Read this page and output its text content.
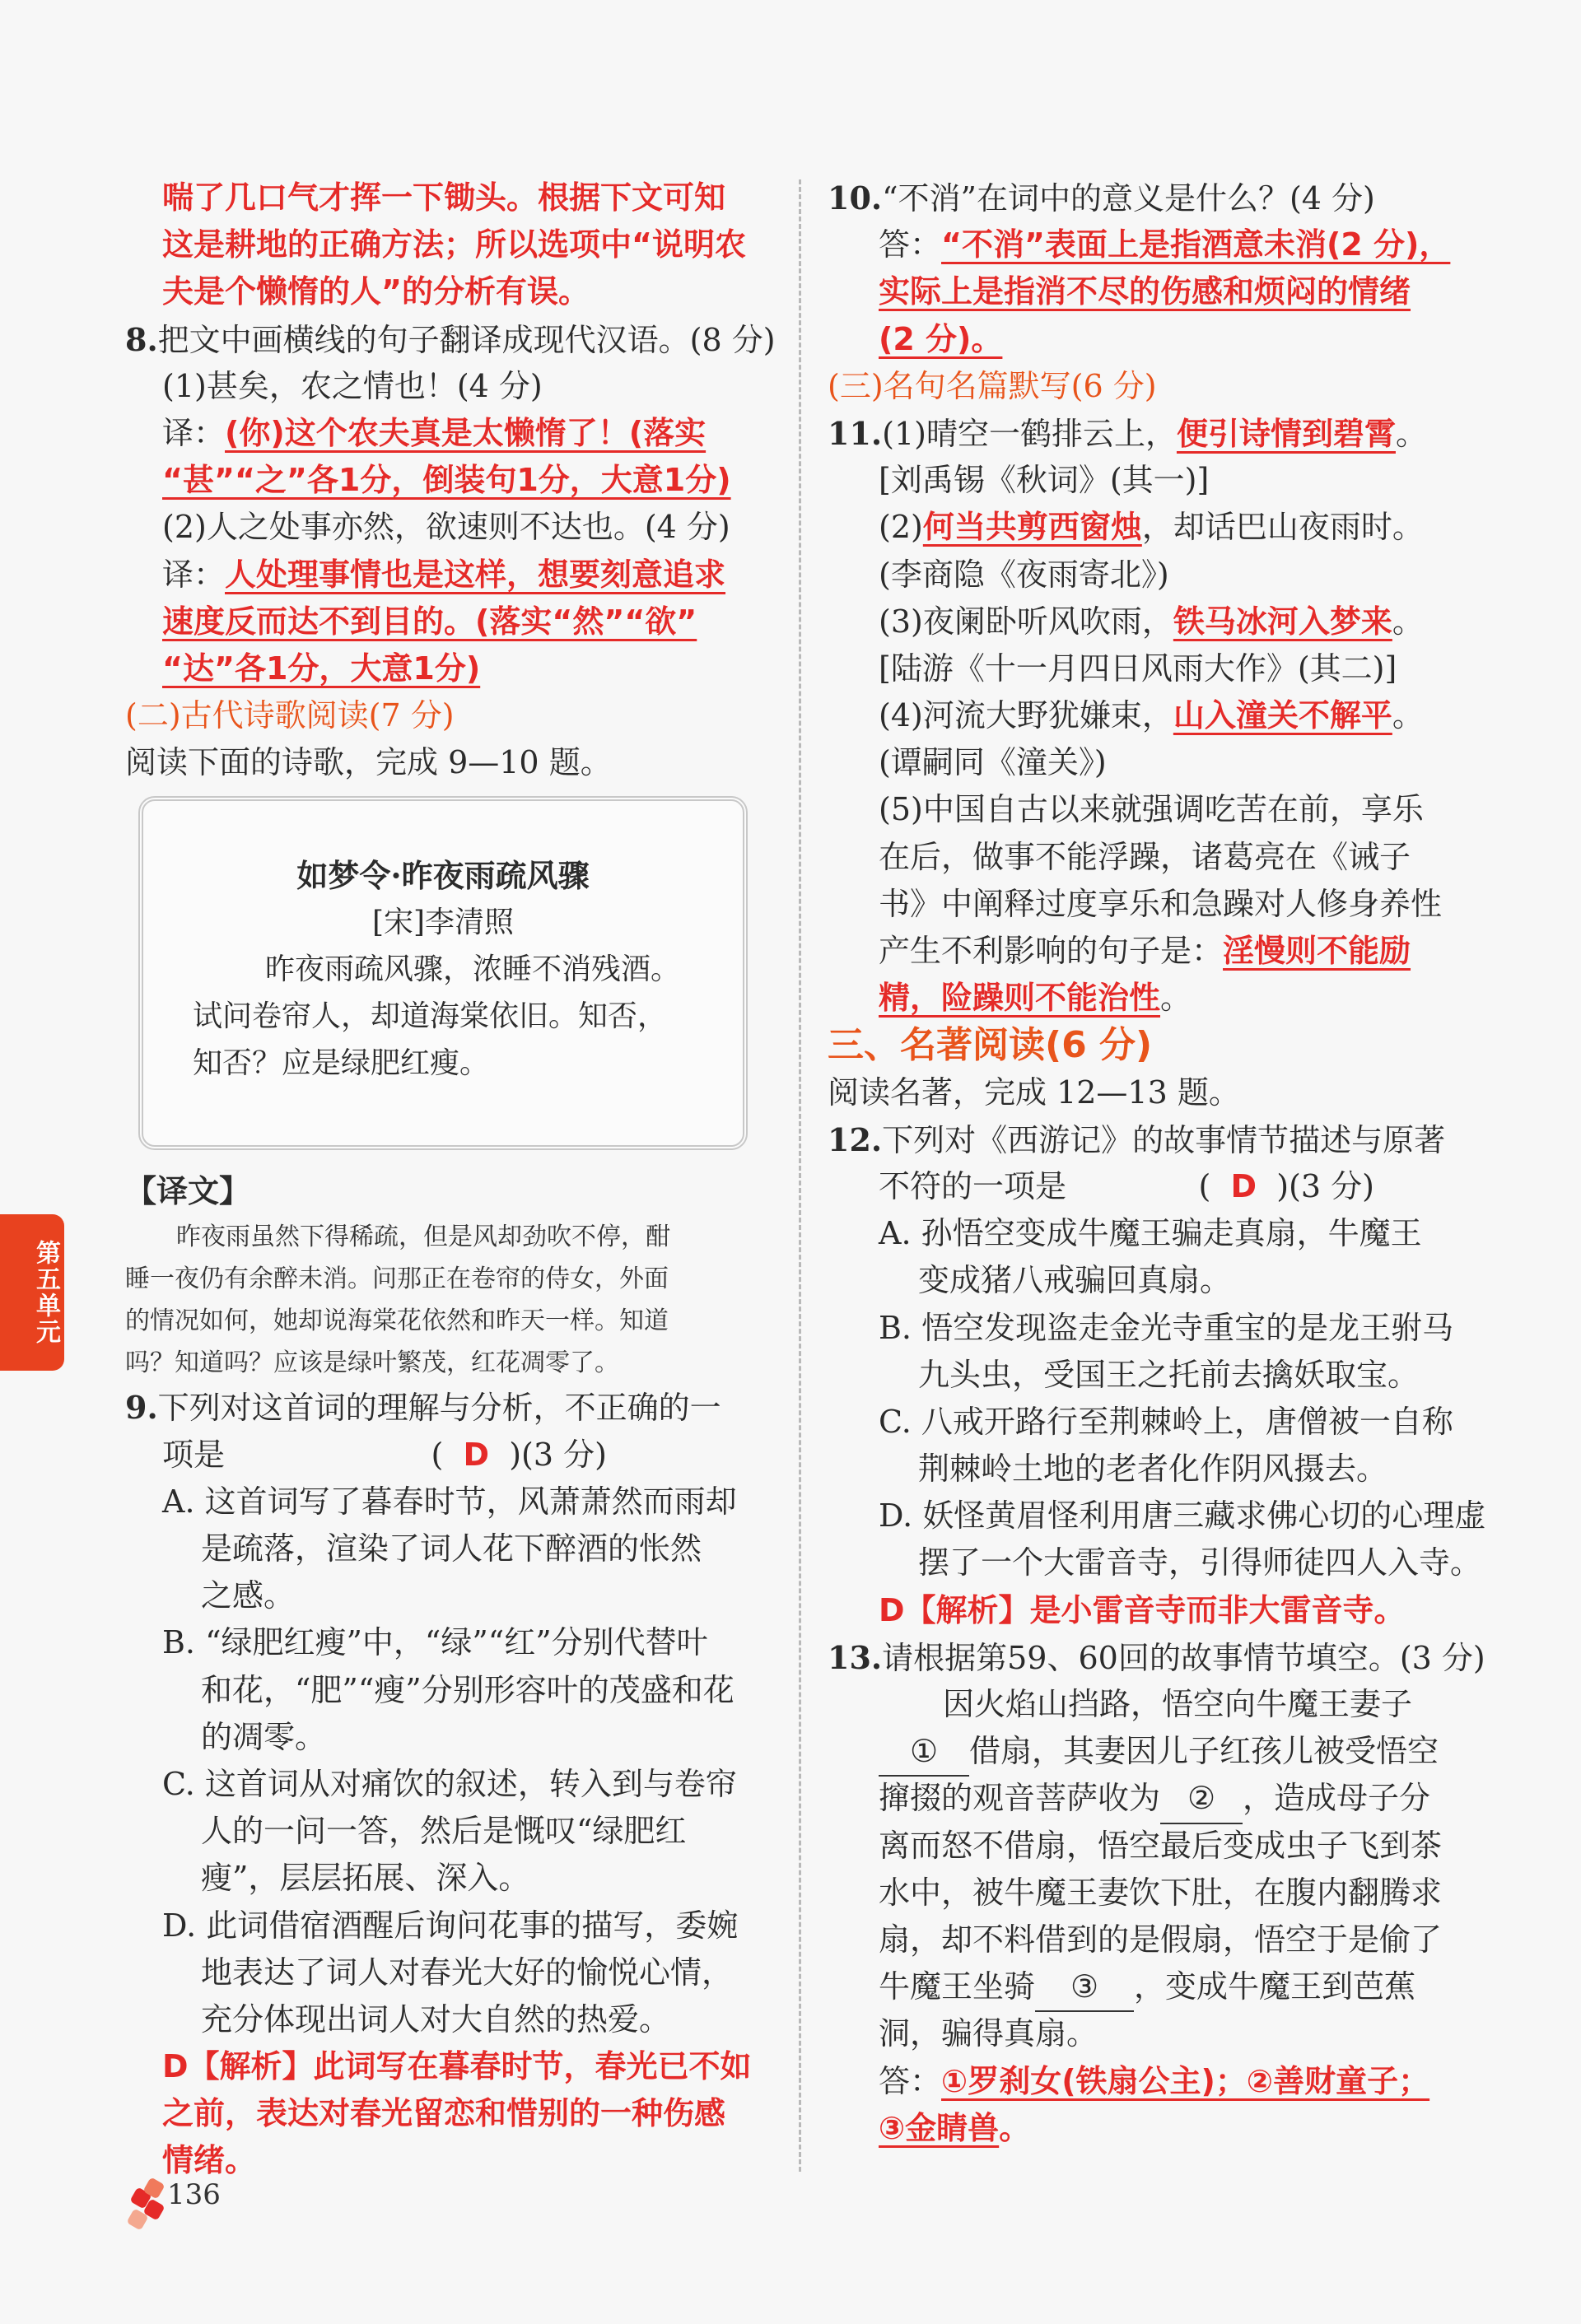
第五单元
喘了几口气才挥一下锄头。根据下文可知
这是耕地的正确方法；所以选项中“说明农
夫是个懒惰的人”的分析有误。
8.把文中画横线的句子翻译成现代汉语。(8 分)
(1)甚矣，农之情也！(4 分)
译：(你)这个农夫真是太懒惰了！(落实
“甚”“之”各1分，倒装句1分，大意1分)
(2)人之处事亦然，欲速则不达也。(4 分)
译：人处理事情也是这样，想要刻意追求
速度反而达不到目的。(落实“然”“欲”
“达”各1分，大意1分)
(二)古代诗歌阅读(7 分)
阅读下面的诗歌，完成 9—10 题。
如梦令·昨夜雨疏风骤
[宋]李清照
昨夜雨疏风骤，浓睡不消残酒。
试问卷帘人，却道海棠依旧。知否，
知否？应是绿肥红瘦。
【译文】
昨夜雨虽然下得稀疏，但是风却劲吹不停，酣
睡一夜仍有余醉未消。问那正在卷帘的侍女，外面
的情况如何，她却说海棠花依然和昨天一样。知道
吗？知道吗？应该是绿叶繁茂，红花凋零了。
9.下列对这首词的理解与分析，不正确的一
项是	(  D  )(3 分)
A. 这首词写了暮春时节，风萧萧然而雨却
是疏落，渲染了词人花下醉酒的怅然
之感。
B. “绿肥红瘦”中，“绿”“红”分别代替叶
和花，“肥”“瘦”分别形容叶的茂盛和花
的凋零。
C. 这首词从对痛饮的叙述，转入到与卷帘
人的一问一答，然后是慨叹“绿肥红
瘦”，层层拓展、深入。
D. 此词借宿酒醒后询问花事的描写，委婉
地表达了词人对春光大好的愉悦心情，
充分体现出词人对大自然的热爱。
D【解析】此词写在暮春时节，春光已不如
之前，表达对春光留恋和惜别的一种伤感
情绪。
10.“不消”在词中的意义是什么？(4 分)
答：“不消”表面上是指酒意未消(2 分)，
实际上是指消不尽的伤感和烦闷的情绪
(2 分)。
(三)名句名篇默写(6 分)
11.(1)晴空一鹤排云上，便引诗情到碧霄。
[刘禹锡《秋词》(其一)]
(2)何当共剪西窗烛，却话巴山夜雨时。
(李商隐《夜雨寄北》)
(3)夜阑卧听风吹雨，铁马冰河入梦来。
[陆游《十一月四日风雨大作》(其二)]
(4)河流大野犹嫌束，山入潼关不解平。
(谭嗣同《潼关》)
(5)中国自古以来就强调吃苦在前，享乐
在后，做事不能浮躁，诸葛亮在《诫子
书》中阐释过度享乐和急躁对人修身养性
产生不利影响的句子是：淫慢则不能励
精，险躁则不能治性。
三、名著阅读(6 分)
阅读名著，完成 12—13 题。
12.下列对《西游记》的故事情节描述与原著
不符的一项是	(  D  )(3 分)
A. 孙悟空变成牛魔王骗走真扇，牛魔王
变成猪八戒骗回真扇。
B. 悟空发现盗走金光寺重宝的是龙王驸马
九头虫，受国王之托前去擒妖取宝。
C. 八戒开路行至荆棘岭上，唐僧被一自称
荆棘岭土地的老者化作阴风摄去。
D. 妖怪黄眉怪利用唐三藏求佛心切的心理虚
摆了一个大雷音寺，引得师徒四人入寺。
D【解析】是小雷音寺而非大雷音寺。
13.请根据第59、60回的故事情节填空。(3 分)
因火焰山挡路，悟空向牛魔王妻子
① 借扇，其妻因儿子红孩儿被受悟空
撺掇的观音菩萨收为 ② ，造成母子分
离而怒不借扇，悟空最后变成虫子飞到茶
水中，被牛魔王妻饮下肚，在腹内翻腾求
扇，却不料借到的是假扇，悟空于是偷了
牛魔王坐骑 ③ ，变成牛魔王到芭蕉
洞，骗得真扇。
答：①罗刹女(铁扇公主)；②善财童子；
③金睛兽。
136
